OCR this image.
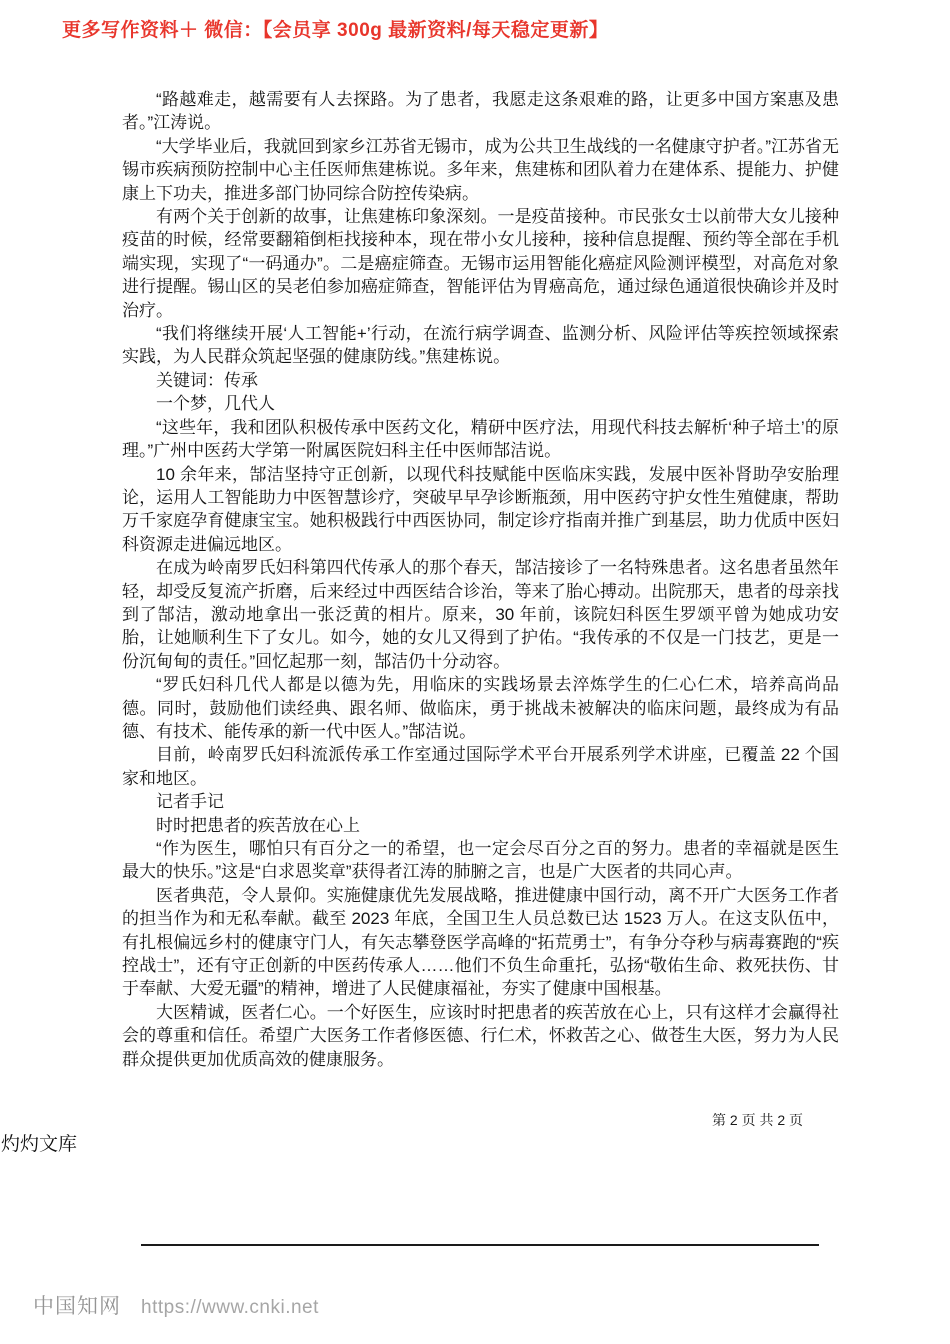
更多写作资料＋ 微信：【会员享 300g 最新资料/每天稳定更新】

“路越难走，越需要有人去探路。为了患者，我愿走这条艰难的路，让更多中国方案惠及患者。”江涛说。

“大学毕业后，我就回到家乡江苏省无锡市，成为公共卫生战线的一名健康守护者。”江苏省无锡市疾病预防控制中心主任医师焦建栋说。多年来，焦建栋和团队着力在建体系、提能力、护健康上下功夫，推进多部门协同综合防控传染病。

有两个关于创新的故事，让焦建栋印象深刻。一是疫苗接种。市民张女士以前带大女儿接种疫苗的时候，经常要翻箱倒柜找接种本，现在带小女儿接种，接种信息提醒、预约等全部在手机端实现，实现了“一码通办”。二是癌症筛查。无锡市运用智能化癌症风险测评模型，对高危对象进行提醒。锡山区的吴老伯参加癌症筛查，智能评估为胃癌高危，通过绿色通道很快确诊并及时治疗。

“我们将继续开展‘人工智能+’行动，在流行病学调查、监测分析、风险评估等疾控领域探索实践，为人民群众筑起坚强的健康防线。”焦建栋说。

关键词：传承

一个梦，几代人

“这些年，我和团队积极传承中医药文化，精研中医疗法，用现代科技去解析‘种子培土’的原理。”广州中医药大学第一附属医院妇科主任中医师郜洁说。

10 余年来，郜洁坚持守正创新，以现代科技赋能中医临床实践，发展中医补肾助孕安胎理论，运用人工智能助力中医智慧诊疗，突破早早孕诊断瓶颈，用中医药守护女性生殖健康，帮助万千家庭孕育健康宝宝。她积极践行中西医协同，制定诊疗指南并推广到基层，助力优质中医妇科资源走进偏远地区。

在成为岭南罗氏妇科第四代传承人的那个春天，郜洁接诊了一名特殊患者。这名患者虽然年轻，却受反复流产折磨，后来经过中西医结合诊治，等来了胎心搏动。出院那天，患者的母亲找到了郜洁，激动地拿出一张泛黄的相片。原来，30 年前，该院妇科医生罗颂平曾为她成功安胎，让她顺利生下了女儿。如今，她的女儿又得到了护佑。“我传承的不仅是一门技艺，更是一份沉甸甸的责任。”回忆起那一刻，郜洁仍十分动容。

“罗氏妇科几代人都是以德为先，用临床的实践场景去淬炼学生的仁心仁术，培养高尚品德。同时，鼓励他们读经典、跟名师、做临床，勇于挑战未被解决的临床问题，最终成为有品德、有技术、能传承的新一代中医人。”郜洁说。

目前，岭南罗氏妇科流派传承工作室通过国际学术平台开展系列学术讲座，已覆盖 22 个国家和地区。

记者手记

时时把患者的疾苦放在心上

“作为医生，哪怕只有百分之一的希望，也一定会尽百分之百的努力。患者的幸福就是医生最大的快乐。”这是“白求恩奖章”获得者江涛的肺腑之言，也是广大医者的共同心声。

医者典范，令人景仰。实施健康优先发展战略，推进健康中国行动，离不开广大医务工作者的担当作为和无私奉献。截至 2023 年底，全国卫生人员总数已达 1523 万人。在这支队伍中，有扎根偏远乡村的健康守门人，有矢志攀登医学高峰的“拓荒勇士”，有争分夺秒与病毒赛跑的“疾控战士”，还有守正创新的中医药传承人……他们不负生命重托，弘扬“敬佑生命、救死扶伤、甘于奉献、大爱无疆”的精神，增进了人民健康福祉，夯实了健康中国根基。

大医精诚，医者仁心。一个好医生，应该时时把患者的疾苦放在心上，只有这样才会赢得社会的尊重和信任。希望广大医务工作者修医德、行仁术，怀救苦之心、做苍生大医，努力为人民群众提供更加优质高效的健康服务。

第 2 页 共 2 页
灼灼文库
中国知网 https://www.cnki.net
